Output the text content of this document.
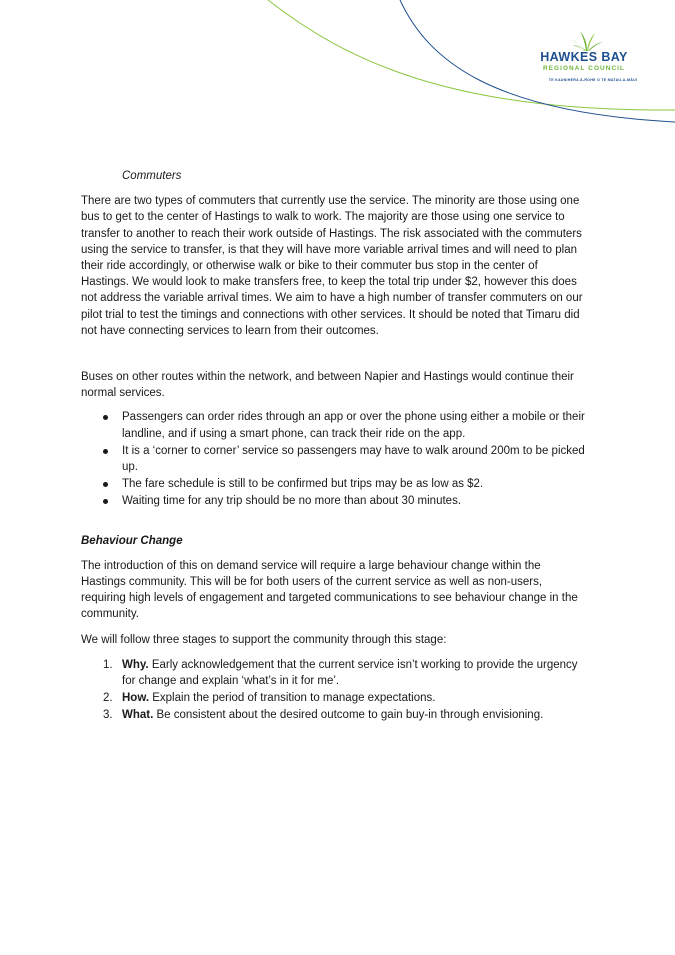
HAWKES BAY
REGIONAL COUNCIL
TE KAUNIHERA Ā-ROHE O TE MATAU-A-MĀUI

Commuters

There are two types of commuters that currently use the service. The minority are those using one bus to get to the center of Hastings to walk to work. The majority are those using one service to transfer to another to reach their work outside of Hastings. The risk associated with the commuters using the service to transfer, is that they will have more variable arrival times and will need to plan their ride accordingly, or otherwise walk or bike to their commuter bus stop in the center of Hastings. We would look to make transfers free, to keep the total trip under $2, however this does not address the variable arrival times. We aim to have a high number of transfer commuters on our pilot trial to test the timings and connections with other services. It should be noted that Timaru did not have connecting services to learn from their outcomes.

Buses on other routes within the network, and between Napier and Hastings would continue their normal services.

Passengers can order rides through an app or over the phone using either a mobile or their landline, and if using a smart phone, can track their ride on the app.
It is a ‘corner to corner’ service so passengers may have to walk around 200m to be picked up.
The fare schedule is still to be confirmed but trips may be as low as $2.
Waiting time for any trip should be no more than about 30 minutes.

Behaviour Change

The introduction of this on demand service will require a large behaviour change within the Hastings community. This will be for both users of the current service as well as non-users, requiring high levels of engagement and targeted communications to see behaviour change in the community.

We will follow three stages to support the community through this stage:

1. Why. Early acknowledgement that the current service isn’t working to provide the urgency for change and explain ‘what’s in it for me’.
2. How. Explain the period of transition to manage expectations.
3. What. Be consistent about the desired outcome to gain buy-in through envisioning.
